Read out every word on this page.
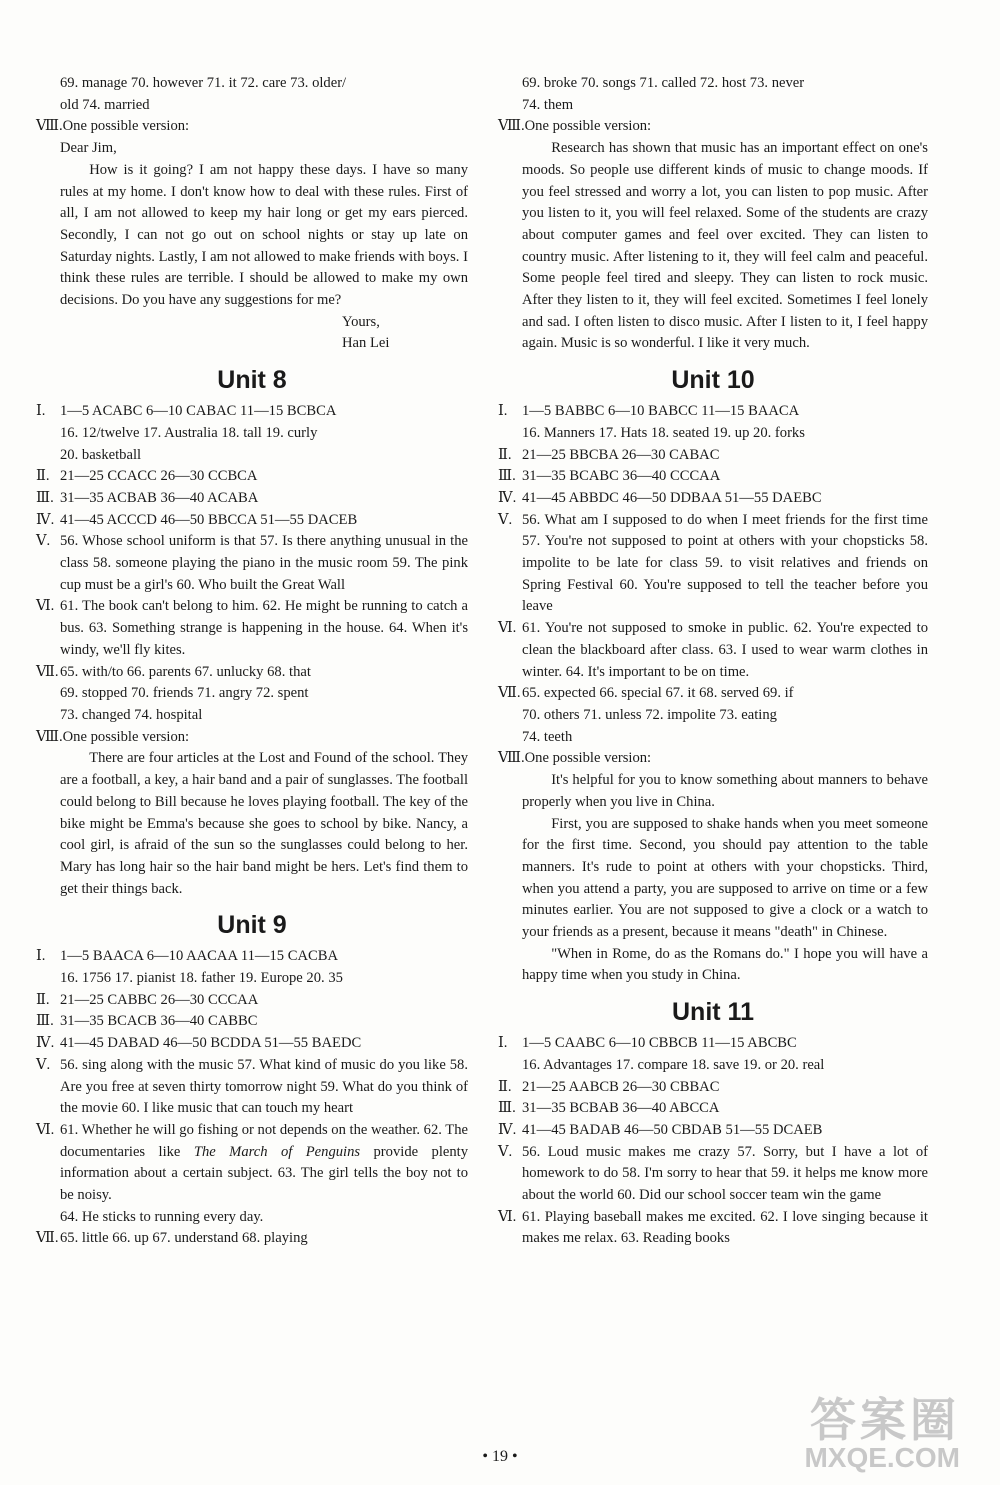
69. manage 70. however 71. it 72. care 73. older/
old 74. married
Ⅷ. One possible version:
Dear Jim,
How is it going? I am not happy these days. I have so many rules at my home. I don't know how to deal with these rules. First of all, I am not allowed to keep my hair long or get my ears pierced. Secondly, I can not go out on school nights or stay up late on Saturday nights. Lastly, I am not allowed to make friends with boys. I think these rules are terrible. I should be allowed to make my own decisions. Do you have any suggestions for me?
Yours,
Han Lei
Unit 8
Ⅰ. 1—5 ACABC 6—10 CABAC 11—15 BCBCA
16. 12/twelve 17. Australia 18. tall 19. curly
20. basketball
Ⅱ. 21—25 CCACC 26—30 CCBCA
Ⅲ. 31—35 ACBAB 36—40 ACABA
Ⅳ. 41—45 ACCCD 46—50 BBCCA 51—55 DACEB
Ⅴ. 56. Whose school uniform is that 57. Is there anything unusual in the class 58. someone playing the piano in the music room 59. The pink cup must be a girl's 60. Who built the Great Wall
Ⅵ. 61. The book can't belong to him. 62. He might be running to catch a bus. 63. Something strange is happening in the house. 64. When it's windy, we'll fly kites.
Ⅶ. 65. with/to 66. parents 67. unlucky 68. that
69. stopped 70. friends 71. angry 72. spent
73. changed 74. hospital
Ⅷ. One possible version:
There are four articles at the Lost and Found of the school. They are a football, a key, a hair band and a pair of sunglasses. The football could belong to Bill because he loves playing football. The key of the bike might be Emma's because she goes to school by bike. Nancy, a cool girl, is afraid of the sun so the sunglasses could belong to her. Mary has long hair so the hair band might be hers. Let's find them to get their things back.
Unit 9
Ⅰ. 1—5 BAACA 6—10 AACAA 11—15 CACBA
16. 1756 17. pianist 18. father 19. Europe 20. 35
Ⅱ. 21—25 CABBC 26—30 CCCAA
Ⅲ. 31—35 BCACB 36—40 CABBC
Ⅳ. 41—45 DABAD 46—50 BCDDA 51—55 BAEDC
Ⅴ. 56. sing along with the music 57. What kind of music do you like 58. Are you free at seven thirty tomorrow night 59. What do you think of the movie 60. I like music that can touch my heart
Ⅵ. 61. Whether he will go fishing or not depends on the weather. 62. The documentaries like The March of Penguins provide plenty information about a certain subject. 63. The girl tells the boy not to be noisy.
64. He sticks to running every day.
Ⅶ. 65. little 66. up 67. understand 68. playing
69. broke 70. songs 71. called 72. host 73. never
74. them
Ⅷ. One possible version:
Research has shown that music has an important effect on one's moods. So people use different kinds of music to change moods. If you feel stressed and worry a lot, you can listen to pop music. After you listen to it, you will feel relaxed. Some of the students are crazy about computer games and feel over excited. They can listen to country music. After listening to it, they will feel calm and peaceful. Some people feel tired and sleepy. They can listen to rock music. After they listen to it, they will feel excited. Sometimes I feel lonely and sad. I often listen to disco music. After I listen to it, I feel happy again. Music is so wonderful. I like it very much.
Unit 10
Ⅰ. 1—5 BABBC 6—10 BABCC 11—15 BAACA
16. Manners 17. Hats 18. seated 19. up 20. forks
Ⅱ. 21—25 BBCBA 26—30 CABAC
Ⅲ. 31—35 BCABC 36—40 CCCAA
Ⅳ. 41—45 ABBDC 46—50 DDBAA 51—55 DAEBC
Ⅴ. 56. What am I supposed to do when I meet friends for the first time 57. You're not supposed to point at others with your chopsticks 58. impolite to be late for class 59. to visit relatives and friends on Spring Festival 60. You're supposed to tell the teacher before you leave
Ⅵ. 61. You're not supposed to smoke in public. 62. You're expected to clean the blackboard after class. 63. I used to wear warm clothes in winter. 64. It's important to be on time.
Ⅶ. 65. expected 66. special 67. it 68. served 69. if
70. others 71. unless 72. impolite 73. eating
74. teeth
Ⅷ. One possible version:
It's helpful for you to know something about manners to behave properly when you live in China.
First, you are supposed to shake hands when you meet someone for the first time. Second, you should pay attention to the table manners. It's rude to point at others with your chopsticks. Third, when you attend a party, you are supposed to arrive on time or a few minutes earlier. You are not supposed to give a clock or a watch to your friends as a present, because it means "death" in Chinese.
"When in Rome, do as the Romans do." I hope you will have a happy time when you study in China.
Unit 11
Ⅰ. 1—5 CAABC 6—10 CBBCB 11—15 ABCBC
16. Advantages 17. compare 18. save 19. or 20. real
Ⅱ. 21—25 AABCB 26—30 CBBAC
Ⅲ. 31—35 BCBAB 36—40 ABCCA
Ⅳ. 41—45 BADAB 46—50 CBDAB 51—55 DCAEB
Ⅴ. 56. Loud music makes me crazy 57. Sorry, but I have a lot of homework to do 58. I'm sorry to hear that 59. it helps me know more about the world 60. Did our school soccer team win the game
Ⅵ. 61. Playing baseball makes me excited. 62. I love singing because it makes me relax. 63. Reading books
• 19 •
答案圈
MXQE.COM
